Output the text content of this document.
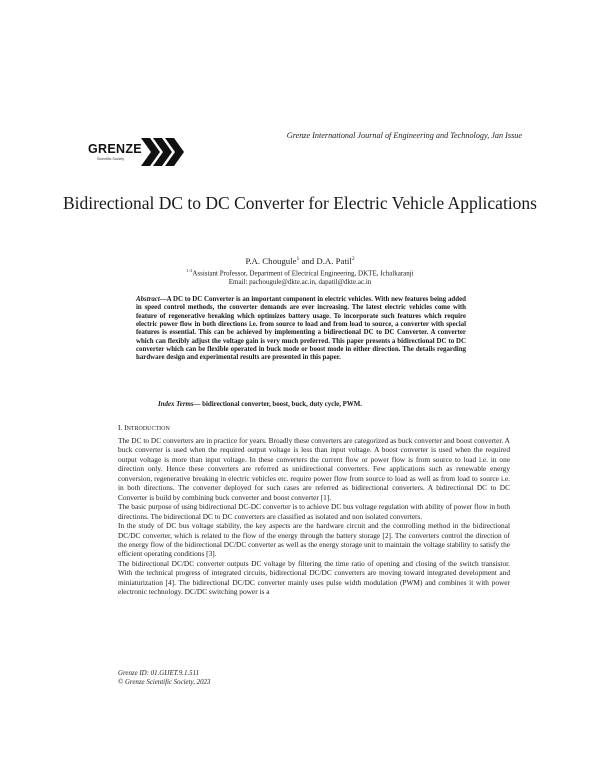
Grenze International Journal of Engineering and Technology, Jan Issue
GRENZE
Scientific Society
Bidirectional DC to DC Converter for Electric Vehicle Applications
P.A. Chougule$^1$ and D.A. Patil$^2$
$^{1-2}$Assistant Professor, Department of Electrical Engineering, DKTE, Ichalkaranji
Email: pachougule@dkte.ac.in, dapatil@dkte.ac.in
Abstract—A DC to DC Converter is an important component in electric vehicles. With new features being added in speed control methods, the converter demands are ever increasing. The latest electric vehicles come with feature of regenerative breaking which optimizes battery usage. To incorporate such features which require electric power flow in both directions i.e. from source to load and from load to source, a converter with special features is essential. This can be achieved by implementing a bidirectional DC to DC Converter. A converter which can flexibly adjust the voltage gain is very much preferred. This paper presents a bidirectional DC to DC converter which can be flexible operated in buck mode or boost mode in either direction. The details regarding hardware design and experimental results are presented in this paper.
Index Terms— bidirectional converter, boost, buck, duty cycle, PWM.
I. INTRODUCTION

The DC to DC converters are in practice for years. Broadly these converters are categorized as buck converter and boost converter. A buck converter is used when the required output voltage is less than input voltage. A boost converter is used when the required output voltage is more than input voltage. In these converters the current flow or power flow is from source to load i.e. in one direction only. Hence these converters are referred as unidirectional converters. Few applications such as renewable energy conversion, regenerative breaking in electric vehicles etc. require power flow from source to load as well as from load to source i.e. in both directions. The converter deployed for such cases are referred as bidirectional converters. A bidirectional DC to DC Converter is build by combining buck converter and boost converter [1].

The basic purpose of using bidirectional DC-DC converter is to achieve DC bus voltage regulation with ability of power flow in both directions. The bidirectional DC to DC converters are classified as isolated and non isolated converters.

In the study of DC bus voltage stability, the key aspects are the hardware circuit and the controlling method in the bidirectional DC/DC converter, which is related to the flow of the energy through the battery storage [2]. The converters control the direction of the energy flow of the bidirectional DC/DC converter as well as the energy storage unit to maintain the voltage stability to satisfy the efficient operating conditions [3].

The bidirectional DC/DC converter outputs DC voltage by filtering the time ratio of opening and closing of the switch transistor. With the technical progress of integrated circuits, bidirectional DC/DC converters are moving toward integrated development and miniaturization [4]. The bidirectional DC/DC converter mainly uses pulse width modulation (PWM) and combines it with power electronic technology. DC/DC switching power is a

Grenze ID: 01.GIJET.9.1.511
© Grenze Scientific Society, 2023
